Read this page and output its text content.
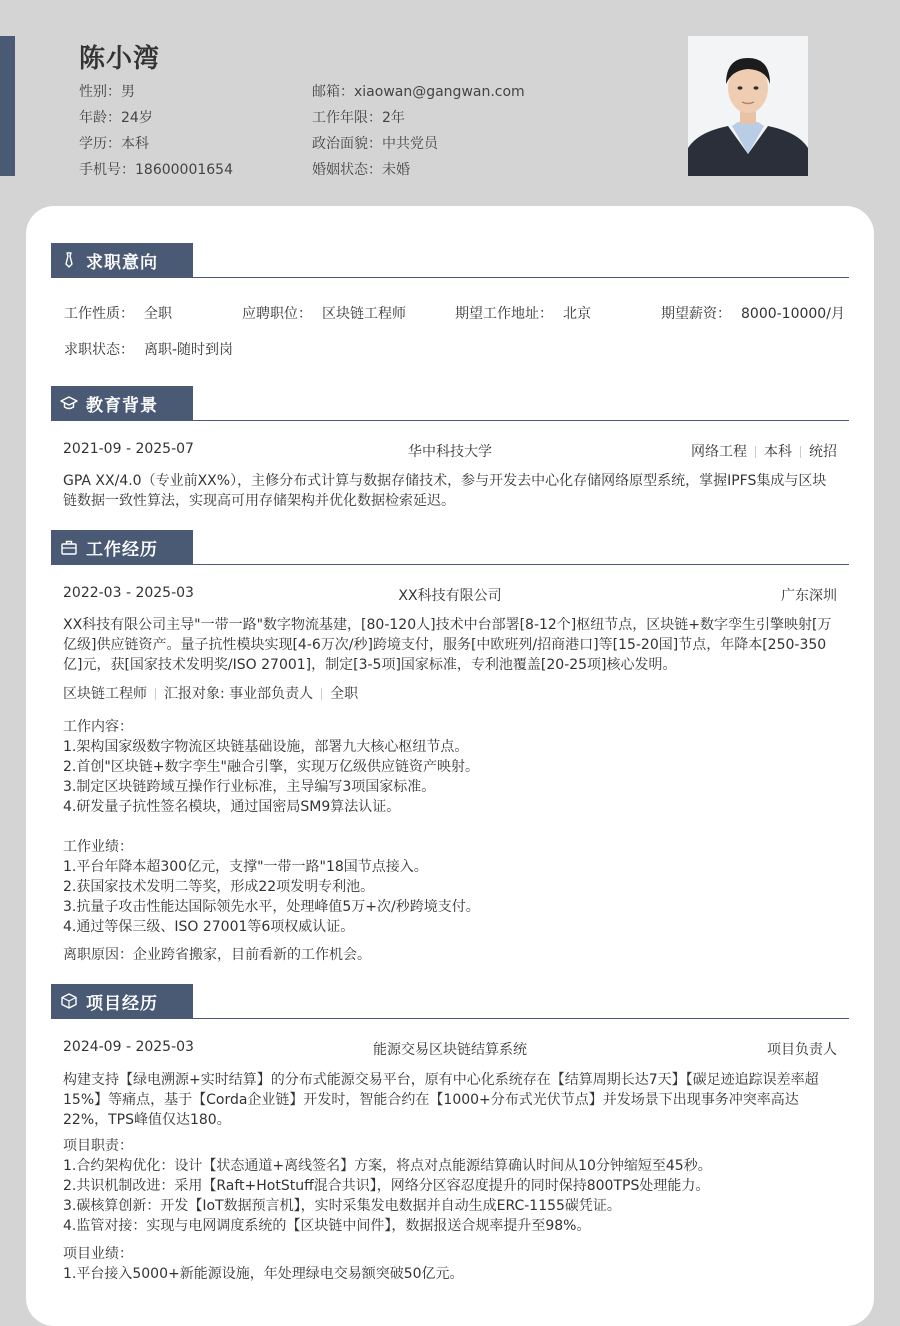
陈小湾
性别：男
年龄：24岁
学历：本科
手机号：18600001654
邮箱：xiaowan@gangwan.com
工作年限：2年
政治面貌：中共党员
婚姻状态：未婚
求职意向
工作性质： 全职	应聘职位： 区块链工程师	期望工作地址： 北京	期望薪资： 8000-10000/月
求职状态： 离职-随时到岗
教育背景
2021-09 - 2025-07	华中科技大学	网络工程 本科 统招
GPA XX/4.0（专业前XX%），主修分布式计算与数据存储技术，参与开发去中心化存储网络原型系统，掌握IPFS集成与区块链数据一致性算法，实现高可用存储架构并优化数据检索延迟。
工作经历
2022-03 - 2025-03	XX科技有限公司	广东深圳
XX科技有限公司主导"一带一路"数字物流基建，[80-120人]技术中台部署[8-12个]枢纽节点，区块链+数字孪生引擎映射[万亿级]供应链资产。量子抗性模块实现[4-6万次/秒]跨境支付，服务[中欧班列/招商港口]等[15-20国]节点，年降本[250-350亿]元，获[国家技术发明奖/ISO 27001]，制定[3-5项]国家标准，专利池覆盖[20-25项]核心发明。
区块链工程师 汇报对象: 事业部负责人 全职
工作内容：
1.架构国家级数字物流区块链基础设施，部署九大核心枢纽节点。
2.首创"区块链+数字孪生"融合引擎，实现万亿级供应链资产映射。
3.制定区块链跨域互操作行业标准，主导编写3项国家标准。
4.研发量子抗性签名模块，通过国密局SM9算法认证。
工作业绩：
1.平台年降本超300亿元，支撑"一带一路"18国节点接入。
2.获国家技术发明二等奖，形成22项发明专利池。
3.抗量子攻击性能达国际领先水平，处理峰值5万+次/秒跨境支付。
4.通过等保三级、ISO 27001等6项权威认证。
离职原因：企业跨省搬家，目前看新的工作机会。
项目经历
2024-09 - 2025-03	能源交易区块链结算系统	项目负责人
构建支持【绿电溯源+实时结算】的分布式能源交易平台，原有中心化系统存在【结算周期长达7天】【碳足迹追踪误差率超15%】等痛点，基于【Corda企业链】开发时，智能合约在【1000+分布式光伏节点】并发场景下出现事务冲突率高达22%，TPS峰值仅达180。
项目职责：
1.合约架构优化：设计【状态通道+离线签名】方案，将点对点能源结算确认时间从10分钟缩短至45秒。
2.共识机制改进：采用【Raft+HotStuff混合共识】，网络分区容忍度提升的同时保持800TPS处理能力。
3.碳核算创新：开发【IoT数据预言机】，实时采集发电数据并自动生成ERC-1155碳凭证。
4.监管对接：实现与电网调度系统的【区块链中间件】，数据报送合规率提升至98%。
项目业绩：
1.平台接入5000+新能源设施，年处理绿电交易额突破50亿元。
